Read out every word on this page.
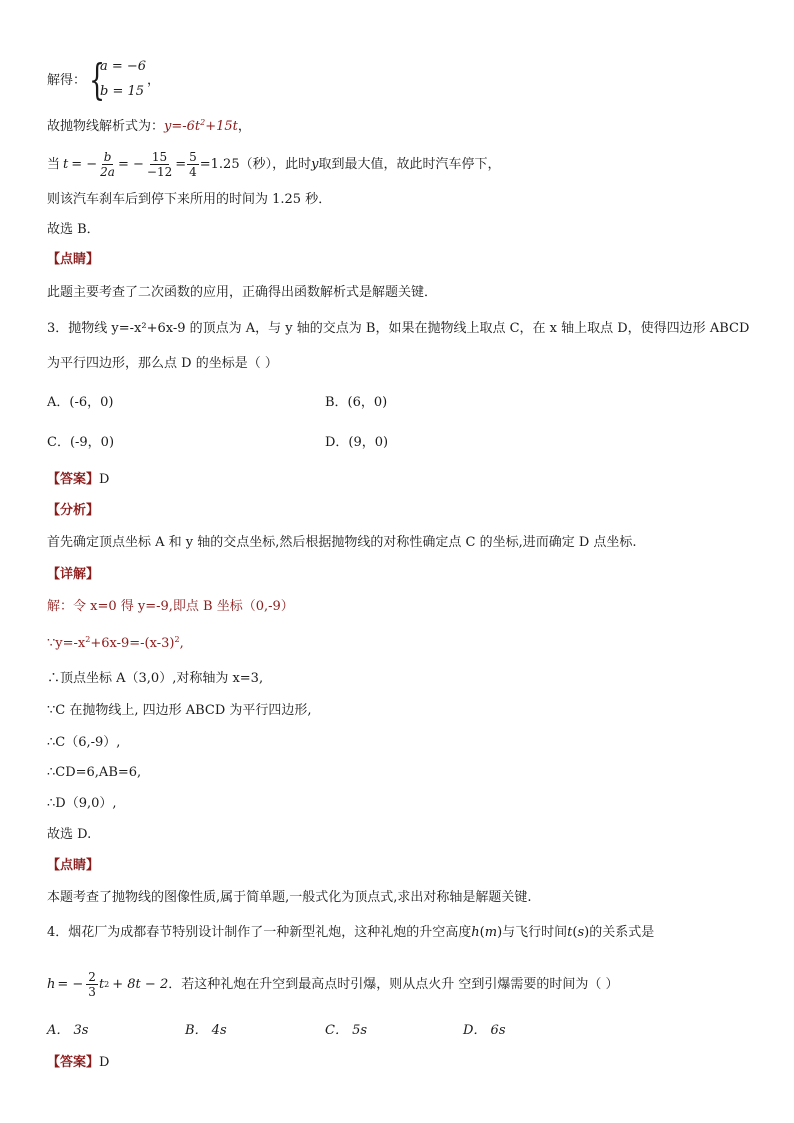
解得： {
a = −6
b = 15
，
故抛物线解析式为：$y=-6t^2+15t$，
当 t = − $\frac{b}{2a}$ = − $\frac{15}{-12} = \frac{5}{4} =1.25$（秒），此时 y 取到最大值，故此时汽车停下，
则该汽车刹车后到停下来所用的时间为 1.25 秒．
故选 B．
【点睛】
此题主要考查了二次函数的应用，正确得出函数解析式是解题关键．
3．抛物线 y=-x²+6x-9 的顶点为 A，与 y 轴的交点为 B，如果在抛物线上取点 C，在 x 轴上取点 D，使得四边形 ABCD
为平行四边形，那么点 D 的坐标是（ ）
A．(-6，0)	B．(6，0)
C．(-9，0)	D．(9，0)
【答案】D
【分析】
首先确定顶点坐标 A 和 y 轴的交点坐标,然后根据抛物线的对称性确定点 C 的坐标,进而确定 D 点坐标.
【详解】
解：令 x=0 得 y=-9,即点 B 坐标（0,-9）
$\because y=-x^2+6x-9=-(x-3)^2$,
∴顶点坐标 A（3,0）,对称轴为 x=3,
∵C 在抛物线上, 四边形 ABCD 为平行四边形,
∴C（6,-9）,
∴CD=6,AB=6,
∴D（9,0）,
故选 D.
【点睛】
本题考查了抛物线的图像性质,属于简单题,一般式化为顶点式,求出对称轴是解题关键.
4．烟花厂为成都春节特别设计制作了一种新型礼炮，这种礼炮的升空高度h(m)与飞行时间t(s)的关系式是
h = − $\frac{2}{3}$ t 2 + 8t − 2 ．若这种礼炮在升空到最高点时引爆，则从点火升 空到引爆需要的时间为（ ）
A． 3s	B． 4s	C． 5s	D． 6s
【答案】D
